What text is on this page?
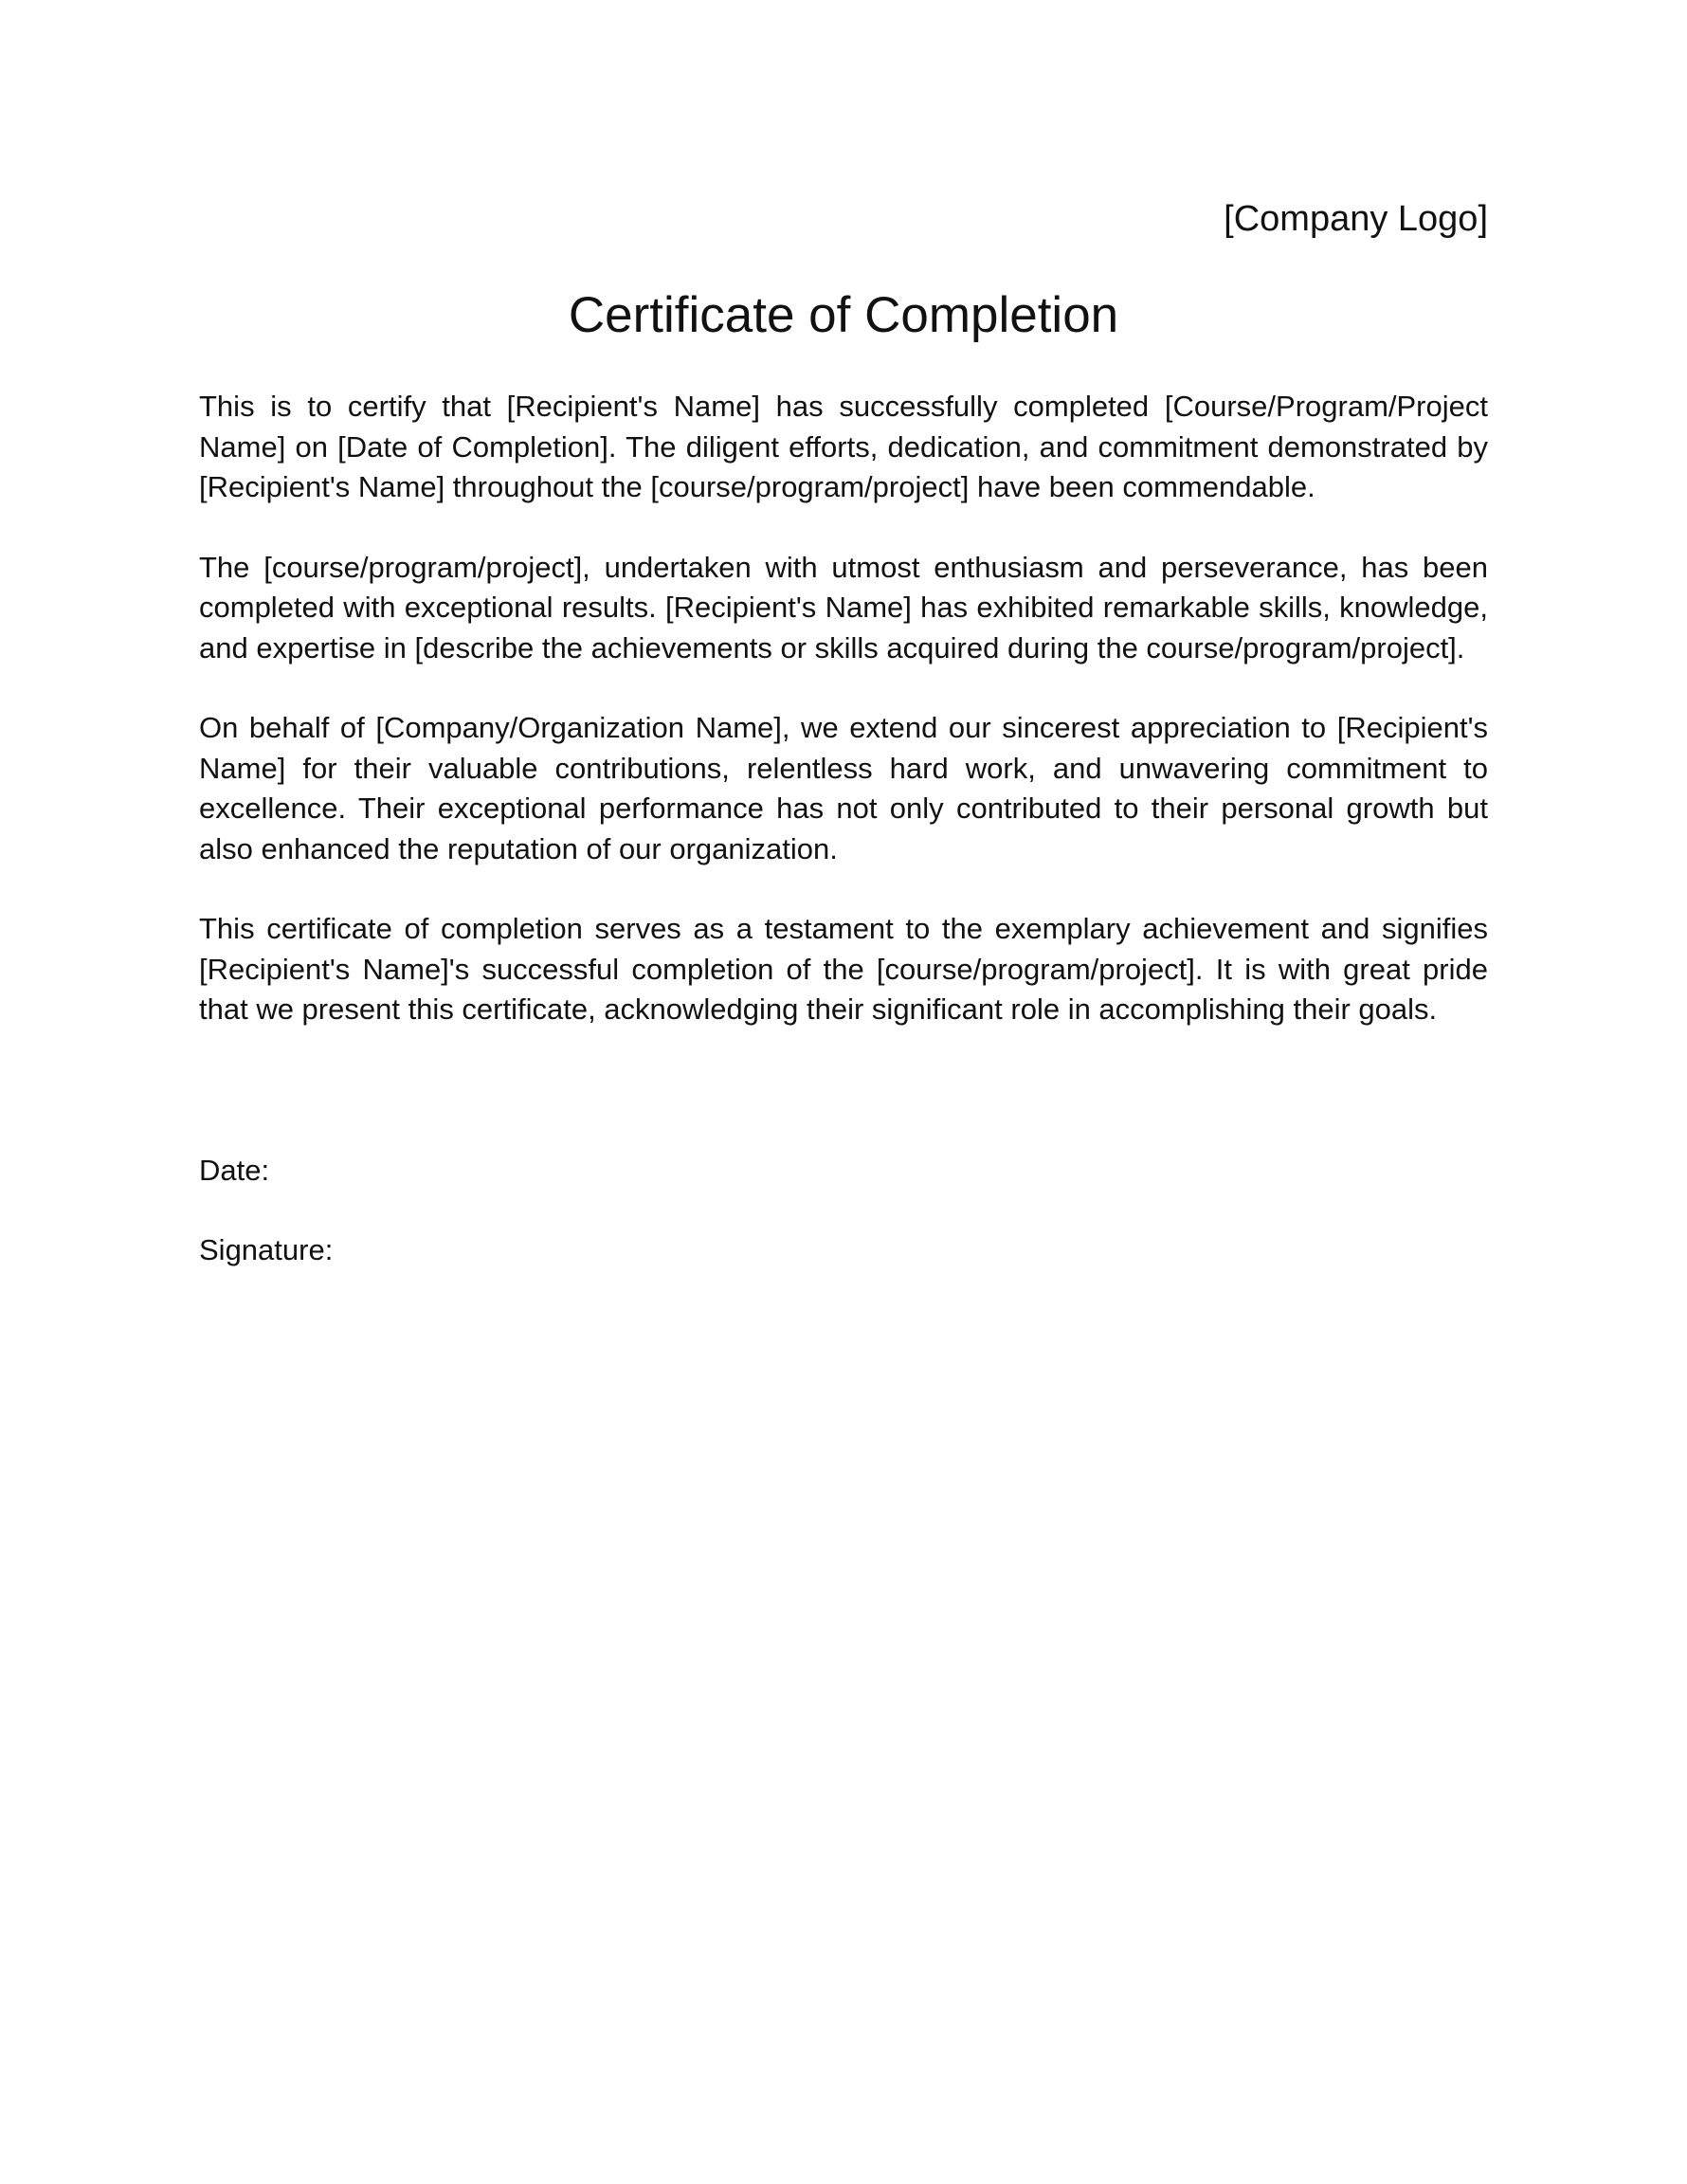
[Company Logo]
Certificate of Completion

This is to certify that [Recipient's Name] has successfully completed [Course/Program/Project Name] on [Date of Completion]. The diligent efforts, dedication, and commitment demonstrated by [Recipient's Name] throughout the [course/program/project] have been commendable.

The [course/program/project], undertaken with utmost enthusiasm and perseverance, has been completed with exceptional results. [Recipient's Name] has exhibited remarkable skills, knowledge, and expertise in [describe the achievements or skills acquired during the course/program/project].

On behalf of [Company/Organization Name], we extend our sincerest appreciation to [Recipient's Name] for their valuable contributions, relentless hard work, and unwavering commitment to excellence. Their exceptional performance has not only contributed to their personal growth but also enhanced the reputation of our organization.

This certificate of completion serves as a testament to the exemplary achievement and signifies [Recipient's Name]'s successful completion of the [course/program/project]. It is with great pride that we present this certificate, acknowledging their significant role in accomplishing their goals.

Date:
Signature:
